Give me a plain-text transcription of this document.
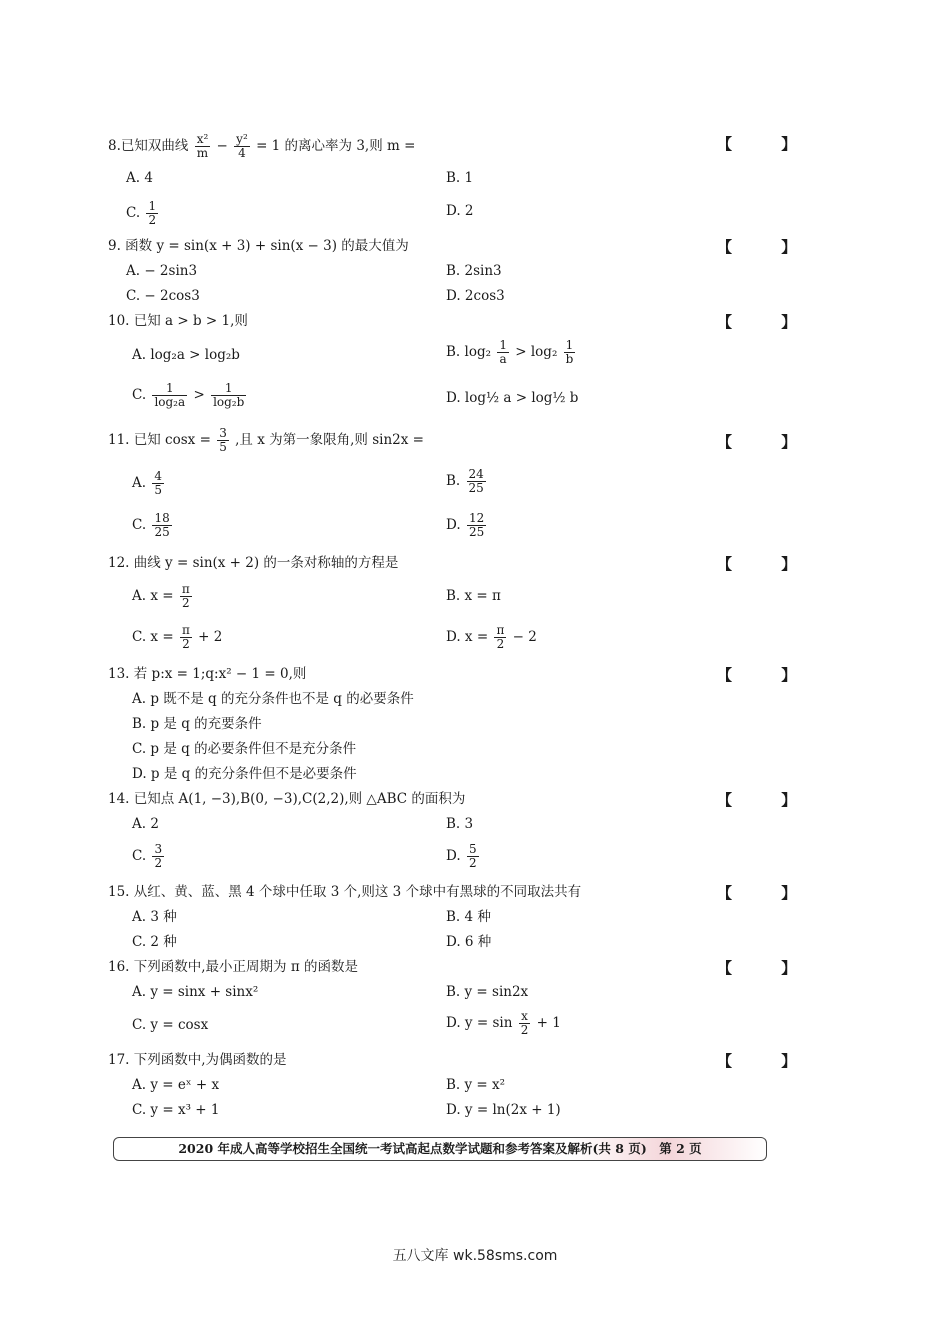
8.已知双曲线 $\frac{\text{x²}}{m} - \frac{\text{y²}}{4} = 1$ 的离心率为 3,则 m =	【 】
A. 4	B. 1
C. $\frac{1}{2}$	D. 2
9. 函数 y = sin(x + 3) + sin(x − 3) 的最大值为	【 】
A. − 2sin3	B. 2sin3
C. − 2cos3	D. 2cos3
10. 已知 a > b > 1,则	【 】
A. log₂a > log₂b	B. $\log_2 \frac{1}{a} > \log_2 \frac{1}{b}$
C. $\frac{1}{\text{log₂a}} > \frac{1}{\text{log₂b}}$	D. log½ a > log½ b
11. 已知 $\cos x = \frac{3}{5}$ ,且 x 为第一象限角,则 sin2x =	【 】
A. $\frac{4}{5}$	B. $\frac{24}{25}$
C. $\frac{18}{25}$	D. $\frac{12}{25}$
12. 曲线 y = sin(x + 2) 的一条对称轴的方程是	【 】
A. $x = \frac{\pi}{2}$	B. x = π
C. $x = \frac{\pi}{2} + 2$	D. $x = \frac{\pi}{2} - 2$
13. 若 p:x = 1;q:x² − 1 = 0,则	【 】
A. p 既不是 q 的充分条件也不是 q 的必要条件
B. p 是 q 的充要条件
C. p 是 q 的必要条件但不是充分条件
D. p 是 q 的充分条件但不是必要条件
14. 已知点 A(1, −3),B(0, −3),C(2,2),则 △ABC 的面积为	【 】
A. 2	B. 3
C. $\frac{3}{2}$	D. $\frac{5}{2}$
15. 从红、黄、蓝、黑 4 个球中任取 3 个,则这 3 个球中有黑球的不同取法共有	【 】
A. 3 种	B. 4 种
C. 2 种	D. 6 种
16. 下列函数中,最小正周期为 π 的函数是	【 】
A. y = sinx + sinx²	B. y = sin2x
C. y = cosx	D. $y = \sin \frac{x}{2} + 1$
17. 下列函数中,为偶函数的是	【 】
A. y = eˣ + x	B. y = x²
C. y = x³ + 1	D. y = ln(2x + 1)
2020 年成人高等学校招生全国统一考试高起点数学试题和参考答案及解析(共 8 页)　第 2 页
五八文库 wk.58sms.com
